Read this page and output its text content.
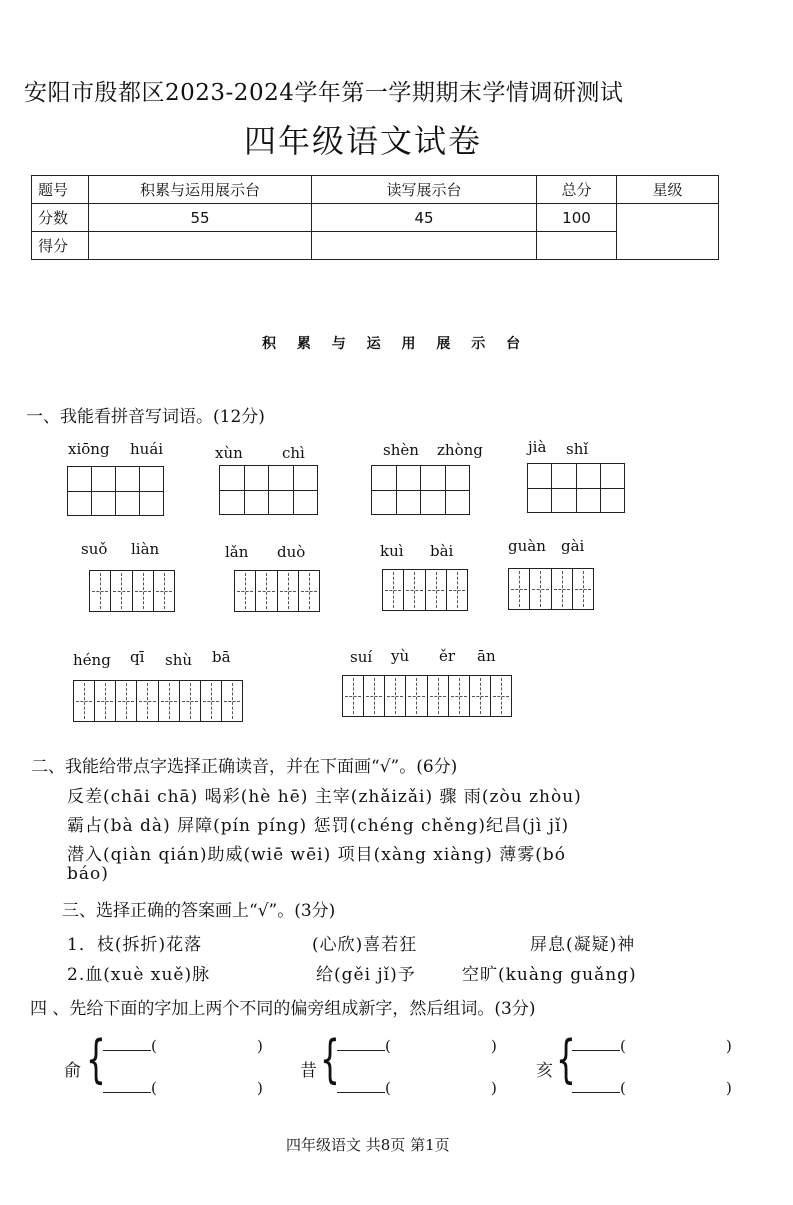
安阳市殷都区2023-2024学年第一学期期末学情调研测试
四年级语文试卷
题号	积累与运用展示台	读写展示台	总分	星级
分数	55	45	100	
得分				
积 累 与 运 用 展 示 台
一、我能看拼音写词语。(12分)
xiōng huái	xùn	chì	shèn zhòng	jià shǐ
suǒ liàn	lǎn duò	kuì bài	guàn gài
héng qī shù bā	suí yù ěr ān
二、我能给带点字选择正确读音，并在下面画“√”。(6分)
反差(chāi chā) 喝彩(hè hē) 主宰(zhǎizǎi) 骤 雨(zòu zhòu)
霸占(bà dà) 屏障(pín píng) 惩罚(chéng chěng)纪昌(jì jǐ)
潜入(qiàn qián)助威(wiē wēi) 项目(xàng xiàng) 薄雾(bó
báo)
三、选择正确的答案画上“√”。(3分)
1．枝(拆折)花落	(心欣)喜若狂	屏息(凝疑)神
2.血(xuè xuě)脉	给(gěi jǐ)予	空旷(kuàng guǎng)
四 、先给下面的字加上两个不同的偏旁组成新字，然后组词。(3分)
俞 {	(                     )
(                     )
昔 {	(                     )
(                     )
亥 {	(                     )
(                     )
四年级语文 共8页 第1页
